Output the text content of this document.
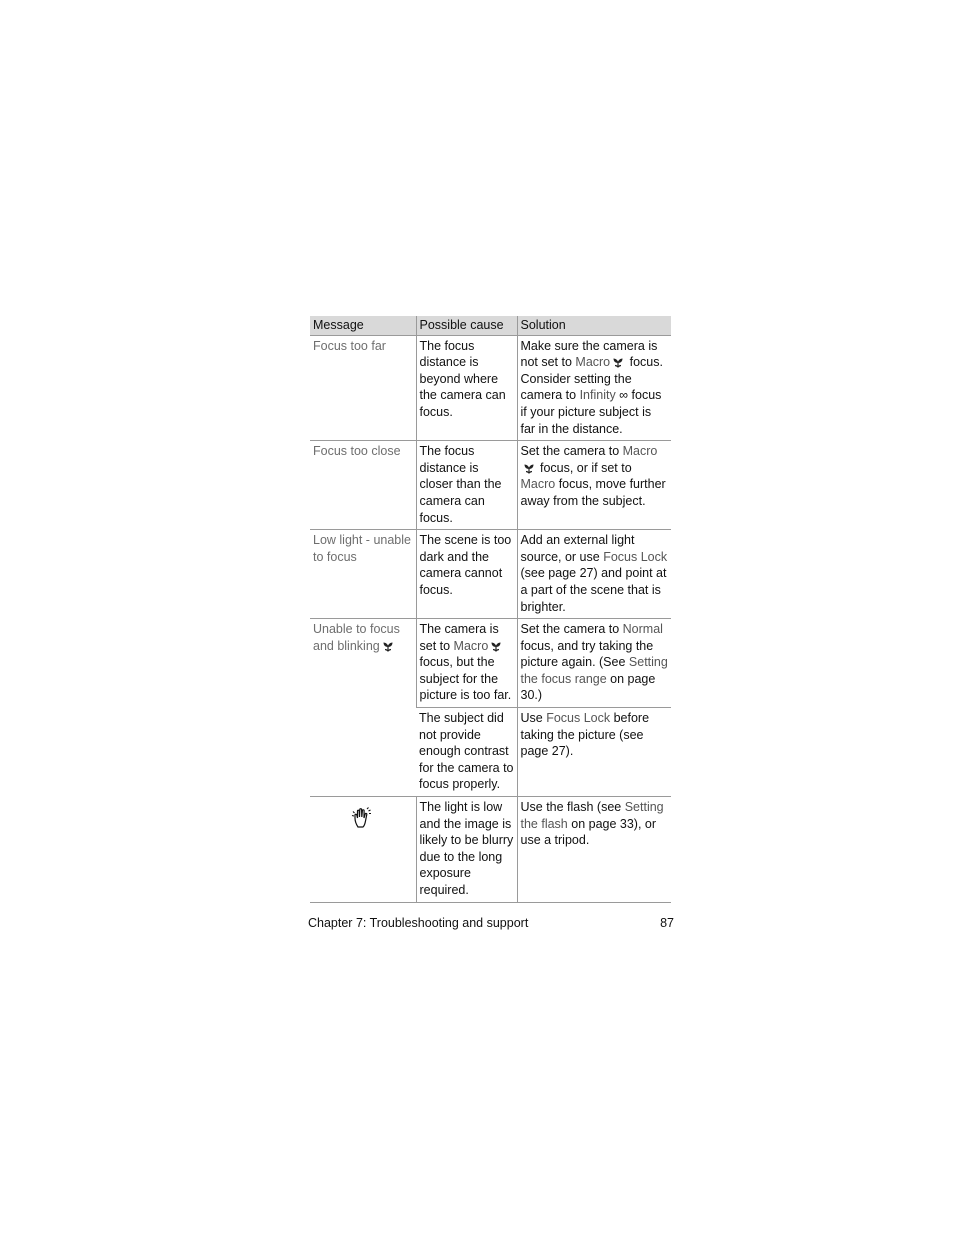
Message	Possible cause	Solution
Focus too far	The focus distance is beyond where the camera can focus.	Make sure the camera is not set to Macro focus. Consider setting the camera to Infinity ∞ focus if your picture subject is far in the distance.
Focus too close	The focus distance is closer than the camera can focus.	Set the camera to Macro focus, or if set to Macro focus, move further away from the subject.
Low light - unable to focus	The scene is too dark and the camera cannot focus.	Add an external light source, or use Focus Lock (see page 27) and point at a part of the scene that is brighter.
Unable to focus and blinking	The camera is set to Macro focus, but the subject for the picture is too far.	Set the camera to Normal focus, and try taking the picture again. (See Setting the focus range on page 30.)
	The subject did not provide enough contrast for the camera to focus properly.	Use Focus Lock before taking the picture (see page 27).
	The light is low and the image is likely to be blurry due to the long exposure required.	Use the flash (see Setting the flash on page 33), or use a tripod.
Chapter 7: Troubleshooting and support	87
